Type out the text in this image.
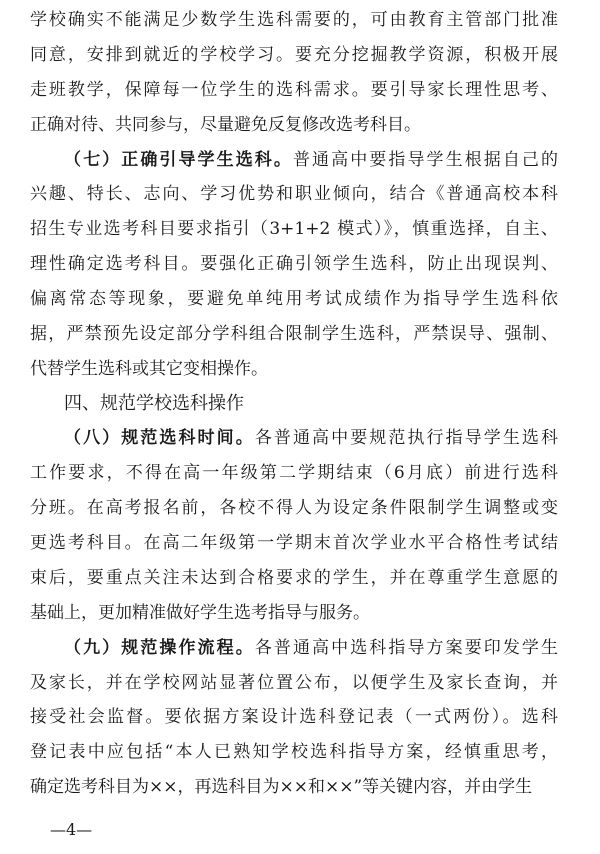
学校确实不能满足少数学生选科需要的，可由教育主管部门批准
同意，安排到就近的学校学习。要充分挖掘教学资源，积极开展
走班教学，保障每一位学生的选科需求。要引导家长理性思考、
正确对待、共同参与，尽量避免反复修改选考科目。
（七）正确引导学生选科。普通高中要指导学生根据自己的
兴趣、特长、志向、学习优势和职业倾向，结合《普通高校本科
招生专业选考科目要求指引（3+1+2 模式）》，慎重选择，自主、
理性确定选考科目。要强化正确引领学生选科，防止出现误判、
偏离常态等现象，要避免单纯用考试成绩作为指导学生选科依
据，严禁预先设定部分学科组合限制学生选科，严禁误导、强制、
代替学生选科或其它变相操作。
四、规范学校选科操作
（八）规范选科时间。各普通高中要规范执行指导学生选科
工作要求，不得在高一年级第二学期结束（6月底）前进行选科
分班。在高考报名前，各校不得人为设定条件限制学生调整或变
更选考科目。在高二年级第一学期末首次学业水平合格性考试结
束后，要重点关注未达到合格要求的学生，并在尊重学生意愿的
基础上，更加精准做好学生选考指导与服务。
（九）规范操作流程。各普通高中选科指导方案要印发学生
及家长，并在学校网站显著位置公布，以便学生及家长查询，并
接受社会监督。要依据方案设计选科登记表（一式两份）。选科
登记表中应包括“本人已熟知学校选科指导方案，经慎重思考，
确定选考科目为××，再选科目为××和××”等关键内容，并由学生
—4—
